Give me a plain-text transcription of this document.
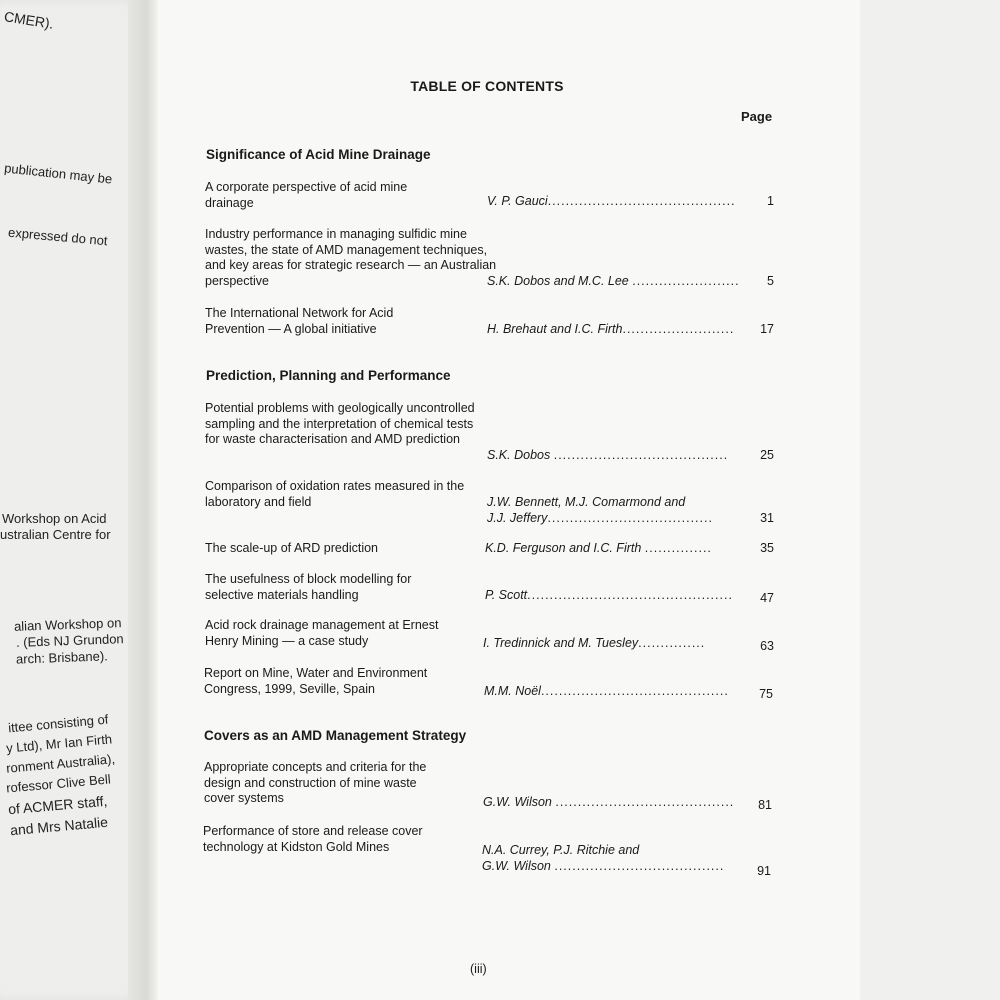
CMER).
publication may be
expressed do not
Workshop on Acid
ustralian Centre for
alian Workshop on
. (Eds NJ Grundon
arch: Brisbane).
ittee consisting of
y Ltd), Mr Ian Firth
ronment Australia),
rofessor Clive Bell
of ACMER staff,
and Mrs Natalie
TABLE OF CONTENTS
Page
Significance of Acid Mine Drainage
A corporate perspective of acid mine drainage	V. P. Gauci..........................................	1
Industry performance in managing sulfidic mine wastes, the state of AMD management techniques, and key areas for strategic research — an Australian perspective	S.K. Dobos and M.C. Lee ........................	5
The International Network for Acid Prevention — A global initiative	H. Brehaut and I.C. Firth.........................	17
Prediction, Planning and Performance
Potential problems with geologically uncontrolled sampling and the interpretation of chemical tests for waste characterisation and AMD prediction
S.K. Dobos .......................................	25
Comparison of oxidation rates measured in the laboratory and field	J.W. Bennett, M.J. Comarmond and
J.J. Jeffery.....................................	31
The scale-up of ARD prediction	K.D. Ferguson and I.C. Firth ...............	35
The usefulness of block modelling for selective materials handling	P. Scott..............................................	47
Acid rock drainage management at Ernest Henry Mining — a case study	I. Tredinnick and M. Tuesley...............	63
Report on Mine, Water and Environment Congress, 1999, Seville, Spain	M.M. Noël..........................................	75
Covers as an AMD Management Strategy
Appropriate concepts and criteria for the design and construction of mine waste cover systems	G.W. Wilson ........................................	81
Performance of store and release cover technology at Kidston Gold Mines	N.A. Currey, P.J. Ritchie and
G.W. Wilson ......................................	91
(iii)
